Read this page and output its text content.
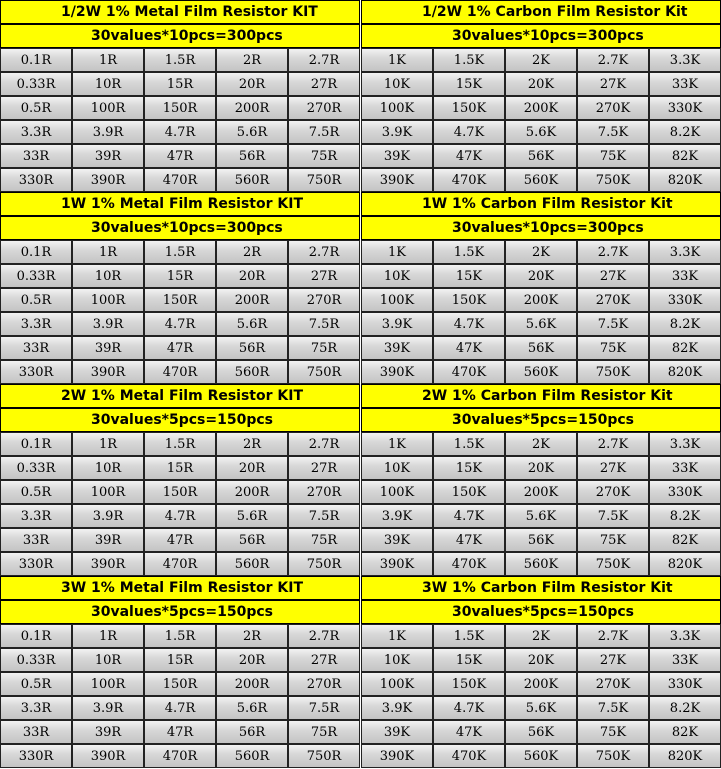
1/2W 1% Metal Film Resistor KIT
30values*10pcs=300pcs
0.1R	1R	1.5R	2R	2.7R
0.33R	10R	15R	20R	27R
0.5R	100R	150R	200R	270R
3.3R	3.9R	4.7R	5.6R	7.5R
33R	39R	47R	56R	75R
330R	390R	470R	560R	750R
1/2W 1% Carbon Film Resistor Kit
30values*10pcs=300pcs
1K	1.5K	2K	2.7K	3.3K
10K	15K	20K	27K	33K
100K	150K	200K	270K	330K
3.9K	4.7K	5.6K	7.5K	8.2K
39K	47K	56K	75K	82K
390K	470K	560K	750K	820K
1W 1% Metal Film Resistor KIT
30values*10pcs=300pcs
0.1R	1R	1.5R	2R	2.7R
0.33R	10R	15R	20R	27R
0.5R	100R	150R	200R	270R
3.3R	3.9R	4.7R	5.6R	7.5R
33R	39R	47R	56R	75R
330R	390R	470R	560R	750R
1W 1% Carbon Film Resistor Kit
30values*10pcs=300pcs
1K	1.5K	2K	2.7K	3.3K
10K	15K	20K	27K	33K
100K	150K	200K	270K	330K
3.9K	4.7K	5.6K	7.5K	8.2K
39K	47K	56K	75K	82K
390K	470K	560K	750K	820K
2W 1% Metal Film Resistor KIT
30values*5pcs=150pcs
0.1R	1R	1.5R	2R	2.7R
0.33R	10R	15R	20R	27R
0.5R	100R	150R	200R	270R
3.3R	3.9R	4.7R	5.6R	7.5R
33R	39R	47R	56R	75R
330R	390R	470R	560R	750R
2W 1% Carbon Film Resistor Kit
30values*5pcs=150pcs
1K	1.5K	2K	2.7K	3.3K
10K	15K	20K	27K	33K
100K	150K	200K	270K	330K
3.9K	4.7K	5.6K	7.5K	8.2K
39K	47K	56K	75K	82K
390K	470K	560K	750K	820K
3W 1% Metal Film Resistor KIT
30values*5pcs=150pcs
0.1R	1R	1.5R	2R	2.7R
0.33R	10R	15R	20R	27R
0.5R	100R	150R	200R	270R
3.3R	3.9R	4.7R	5.6R	7.5R
33R	39R	47R	56R	75R
330R	390R	470R	560R	750R
3W 1% Carbon Film Resistor Kit
30values*5pcs=150pcs
1K	1.5K	2K	2.7K	3.3K
10K	15K	20K	27K	33K
100K	150K	200K	270K	330K
3.9K	4.7K	5.6K	7.5K	8.2K
39K	47K	56K	75K	82K
390K	470K	560K	750K	820K
